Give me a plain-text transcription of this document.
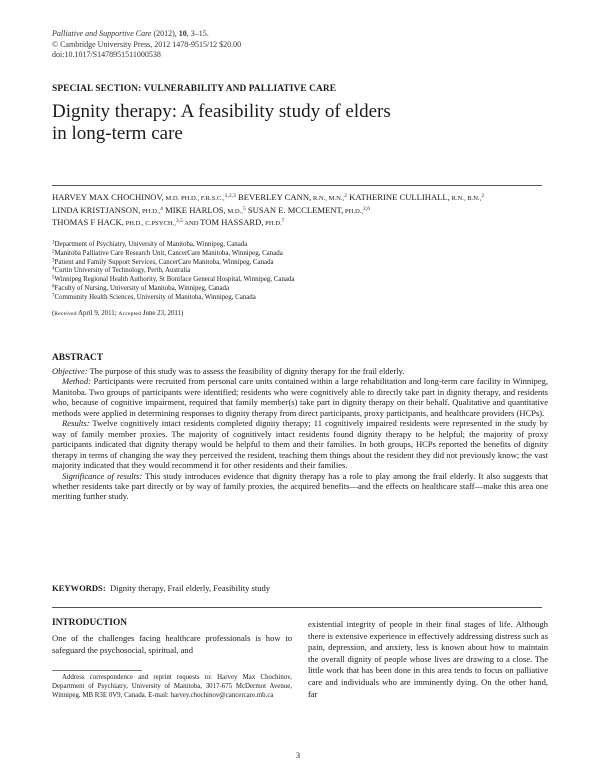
Palliative and Supportive Care (2012), 10, 3–15.
© Cambridge University Press, 2012 1478-9515/12 $20.00
doi:10.1017/S1478951511000538
SPECIAL SECTION: VULNERABILITY AND PALLIATIVE CARE
Dignity therapy: A feasibility study of elders
in long-term care
HARVEY MAX CHOCHINOV, M.D. PH.D., F.R.S.C.,$^{1,2,3}$ BEVERLEY CANN, R.N., M.N.,$^2$ KATHERINE CULLIHALL, R.N., B.N.,$^2$
LINDA KRISTJANSON, PH.D.,$^4$ MIKE HARLOS, M.D.,$^5$ SUSAN E. MCCLEMENT, PH.D.,$^{2,6}$
THOMAS F HACK, PH.D., C.PSYCH.,$^{3,5}$ AND TOM HASSARD, PH.D.$^7$
$^1$Department of Psychiatry, University of Manitoba, Winnipeg, Canada
$^2$Manitoba Palliative Care Research Unit, CancerCare Manitoba, Winnipeg, Canada
$^3$Patient and Family Support Services, CancerCare Manitoba, Winnipeg, Canada
$^4$Curtin University of Technology, Perth, Australia
$^5$Winnipeg Regional Health Authority, St Boniface General Hospital, Winnipeg, Canada
$^6$Faculty of Nursing, University of Manitoba, Winnipeg, Canada
$^7$Community Health Sciences, University of Manitoba, Winnipeg, Canada
(Received April 9, 2011; Accepted June 23, 2011)
ABSTRACT

Objective: The purpose of this study was to assess the feasibility of dignity therapy for the frail elderly.

Method: Participants were recruited from personal care units contained within a large rehabilitation and long-term care facility in Winnipeg, Manitoba. Two groups of participants were identified; residents who were cognitively able to directly take part in dignity therapy, and residents who, because of cognitive impairment, required that family member(s) take part in dignity therapy on their behalf. Qualitative and quantitative methods were applied in determining responses to dignity therapy from direct participants, proxy participants, and healthcare providers (HCPs).

Results: Twelve cognitively intact residents completed dignity therapy; 11 cognitively impaired residents were represented in the study by way of family member proxies. The majority of cognitively intact residents found dignity therapy to be helpful; the majority of proxy participants indicated that dignity therapy would be helpful to them and their families. In both groups, HCPs reported the benefits of dignity therapy in terms of changing the way they perceived the resident, teaching them things about the resident they did not previously know; the vast majority indicated that they would recommend it for other residents and their families.

Significance of results: This study introduces evidence that dignity therapy has a role to play among the frail elderly. It also suggests that whether residents take part directly or by way of family proxies, the acquired benefits—and the effects on healthcare staff—make this area one meriting further study.

KEYWORDS:  Dignity therapy, Frail elderly, Feasibility study
INTRODUCTION
One of the challenges facing healthcare professionals is how to safeguard the psychosocial, spiritual, and
existential integrity of people in their final stages of life. Although there is extensive experience in effectively addressing distress such as pain, depression, and anxiety, less is known about how to maintain the overall dignity of people whose lives are drawing to a close. The little work that has been done in this area tends to focus on palliative care and individuals who are imminently dying. On the other hand, far
Address correspondence and reprint requests to: Harvey Max Chochinov, Department of Psychiatry, University of Manitoba, 3017-675 McDermot Avenue, Winnipeg, MB R3E 0V9, Canada. E-mail: harvey.chochinov@cancercare.mb.ca
3
